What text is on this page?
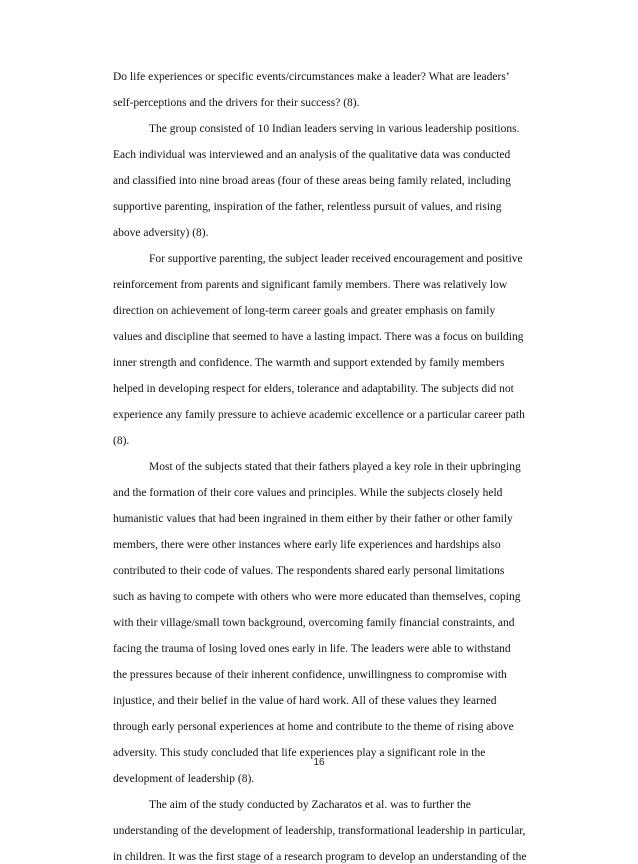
Do life experiences or specific events/circumstances make a leader? What are leaders’
self-perceptions and the drivers for their success? (8).
The group consisted of 10 Indian leaders serving in various leadership positions.
Each individual was interviewed and an analysis of the qualitative data was conducted
and classified into nine broad areas (four of these areas being family related, including
supportive parenting, inspiration of the father, relentless pursuit of values, and rising
above adversity) (8).
For supportive parenting, the subject leader received encouragement and positive
reinforcement from parents and significant family members. There was relatively low
direction on achievement of long-term career goals and greater emphasis on family
values and discipline that seemed to have a lasting impact. There was a focus on building
inner strength and confidence. The warmth and support extended by family members
helped in developing respect for elders, tolerance and adaptability. The subjects did not
experience any family pressure to achieve academic excellence or a particular career path
(8).
Most of the subjects stated that their fathers played a key role in their upbringing
and the formation of their core values and principles. While the subjects closely held
humanistic values that had been ingrained in them either by their father or other family
members, there were other instances where early life experiences and hardships also
contributed to their code of values. The respondents shared early personal limitations
such as having to compete with others who were more educated than themselves, coping
with their village/small town background, overcoming family financial constraints, and
facing the trauma of losing loved ones early in life. The leaders were able to withstand
the pressures because of their inherent confidence, unwillingness to compromise with
injustice, and their belief in the value of hard work. All of these values they learned
through early personal experiences at home and contribute to the theme of rising above
adversity. This study concluded that life experiences play a significant role in the
development of leadership (8).
The aim of the study conducted by Zacharatos et al. was to further the
understanding of the development of leadership, transformational leadership in particular,
in children. It was the first stage of a research program to develop an understanding of the
16
